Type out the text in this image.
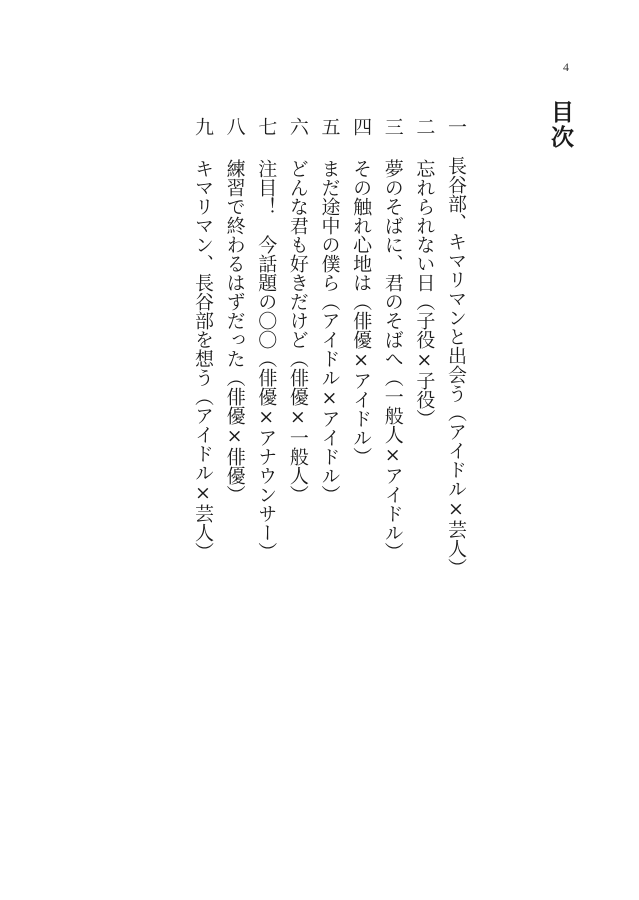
4
目次
一
長谷部、キマリマンと出会う（アイドル×芸人）
二
忘れられない日（子役×子役）
三
夢のそばに、君のそばへ（一般人×アイドル）
四
その触れ心地は（俳優×アイドル）
五
まだ途中の僕ら（アイドル×アイドル）
六
どんな君も好きだけど（俳優×一般人）
七
注目！　今話題の〇〇（俳優×アナウンサー）
八
練習で終わるはずだった（俳優×俳優）
九
キマリマン、長谷部を想う（アイドル×芸人）
